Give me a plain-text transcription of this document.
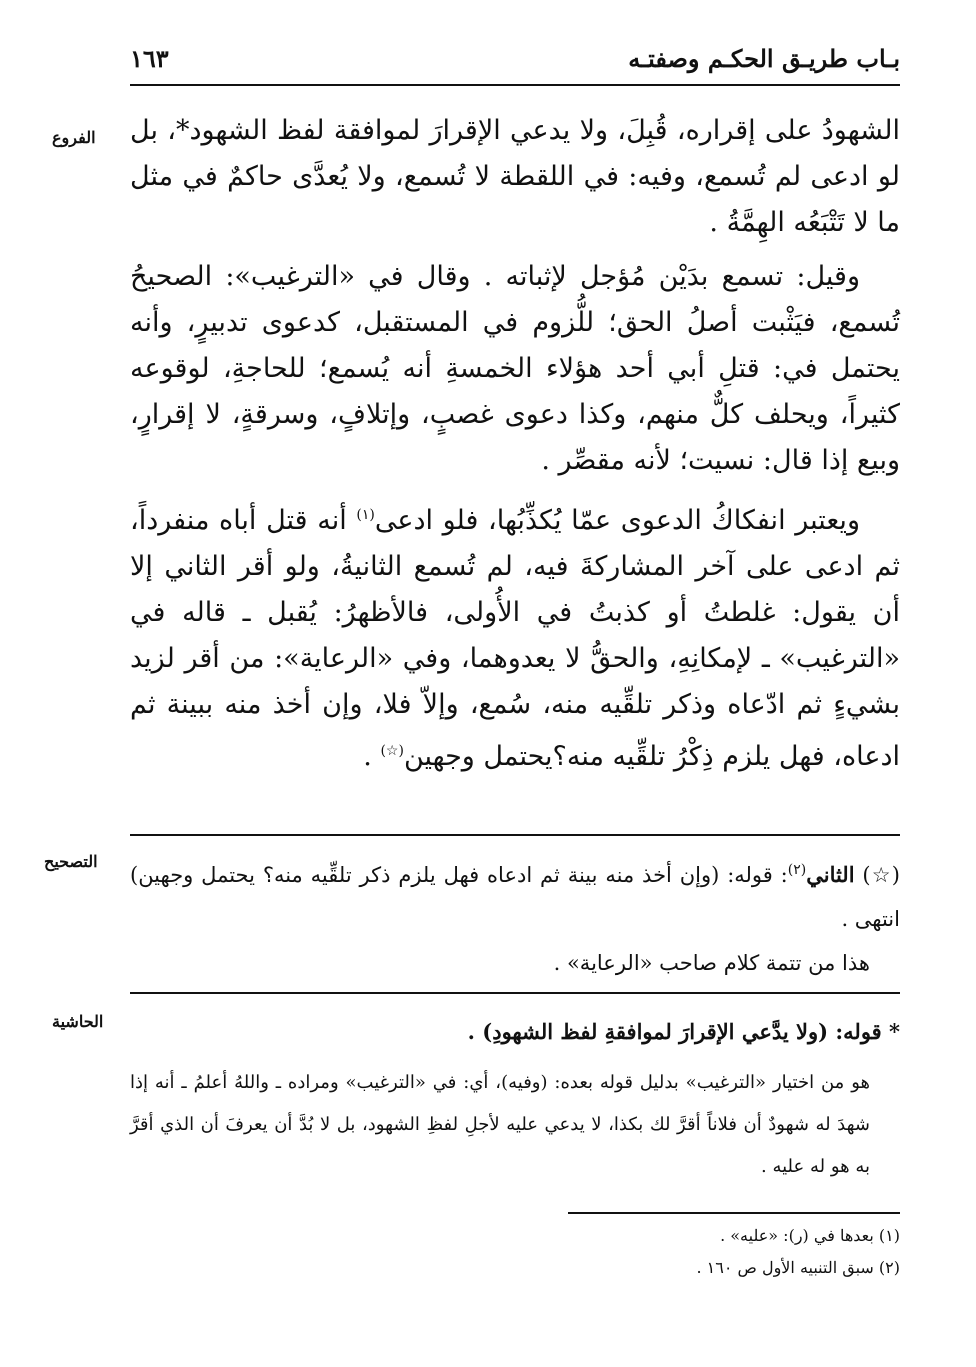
بـاب طريـق الحكـم وصفتـه
١٦٣
الفروع
التصحيح
الحاشية

الشهودُ على إقراره، قُبِلَ، ولا يدعي الإقرارَ لموافقة لفظ الشهود*، بل لو ادعى لم تُسمع، وفيه: في اللقطة لا تُسمع، ولا يُعدَّى حاكمٌ في مثل ما لا تَتْبَعُه الهِمَّةُ .

وقيل: تسمع بدَيْن مُؤجل لإثباته . وقال في «الترغيب»: الصحيحُ تُسمع، فيَثْبت أصلُ الحق؛ للُّزوم في المستقبل، كدعوى تدبيرٍ، وأنه يحتمل في: قتلِ أبي أحد هؤلاء الخمسةِ أنه يُسمع؛ للحاجةِ، لوقوعه كثيراً، ويحلف كلٌّ منهم، وكذا دعوى غصبٍ، وإتلافٍ، وسرقةٍ، لا إقرارٍ، وبيع إذا قال: نسيت؛ لأنه مقصِّر .

ويعتبر انفكاكُ الدعوى عمّا يُكذِّبُها، فلو ادعى$^{(١)}$ أنه قتل أباه منفرداً، ثم ادعى على آخر المشاركةَ فيه، لم تُسمع الثانيةُ، ولو أقر الثاني إلا أن يقول: غلطتُ أو كذبتُ في الأُولى، فالأظهرُ: يُقبل ـ قاله في «الترغيب» ـ لإمكانِهِ، والحقُّ لا يعدوهما، وفي «الرعاية»: من أقر لزيد بشيءٍ ثم ادّعاه وذكر تلقِّيه منه، سُمع، وإلاّ فلا، وإن أخذ منه ببينة ثم ادعاه، فهل يلزم ذِكْرُ تلقِّيه منه؟يحتمل وجهين(☆) .

(☆) الثاني$^{(٢)}$: قوله: (وإن أخذ منه بينة ثم ادعاه فهل يلزم ذكر تلقِّيه منه؟ يحتمل وجهين) انتهى .

هذا من تتمة كلام صاحب «الرعاية» .

* قوله: (ولا يدَّعي الإقرارَ لموافقةِ لفظ الشهودِ) .

هو من اختيار «الترغيب» بدليل قوله بعده: (وفيه)، أي: في «الترغيب» ومراده ـ واللهُ أعلمُ ـ أنه إذا شهدَ له شهودٌ أن فلاناً أقرَّ لك بكذا، لا يدعي عليه لأجلِ لفظِ الشهود، بل لا بُدَّ أن يعرفَ أن الذي أقرَّ به هو له عليه .

(١) بعدها في (ر): «عليه» .

(٢) سبق التنبيه الأول ص ١٦٠ .
